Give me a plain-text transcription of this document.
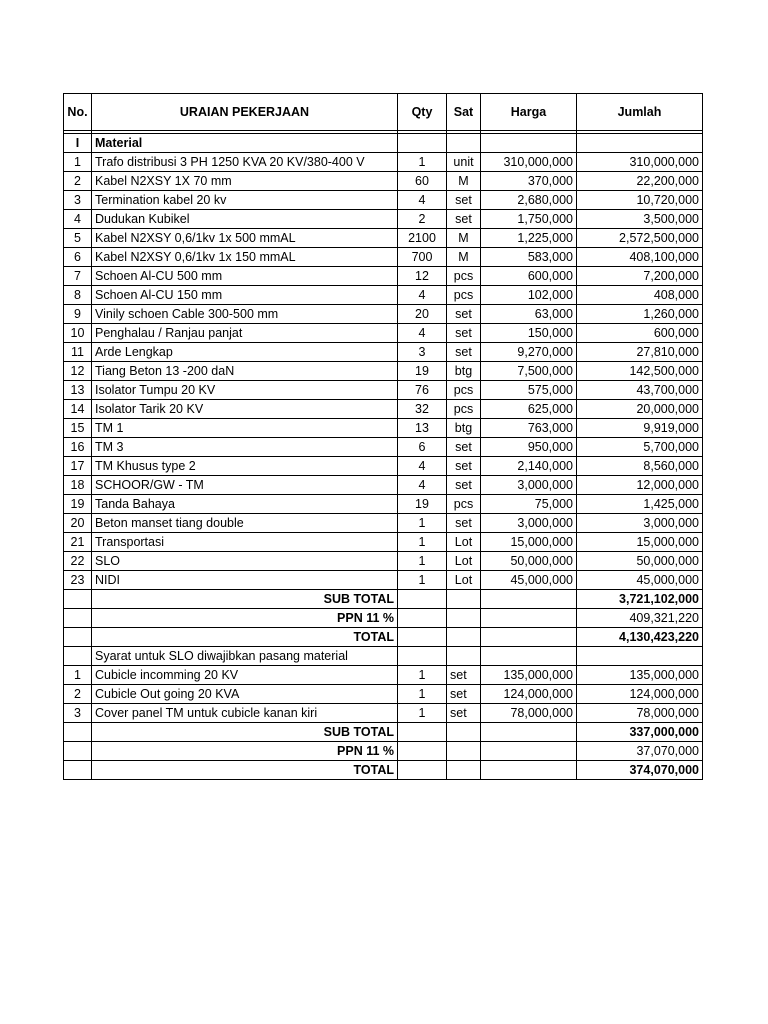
No.	URAIAN PEKERJAAN	Qty	Sat	Harga	Jumlah

I	Material				
1	Trafo distribusi 3 PH 1250 KVA 20 KV/380-400 V	1	unit	310,000,000	310,000,000
2	Kabel N2XSY 1X 70 mm	60	M	370,000	22,200,000
3	Termination kabel 20 kv	4	set	2,680,000	10,720,000
4	Dudukan Kubikel	2	set	1,750,000	3,500,000
5	Kabel N2XSY 0,6/1kv 1x 500 mmAL	2100	M	1,225,000	2,572,500,000
6	Kabel N2XSY 0,6/1kv 1x 150 mmAL	700	M	583,000	408,100,000
7	Schoen Al-CU 500 mm	12	pcs	600,000	7,200,000
8	Schoen Al-CU 150 mm	4	pcs	102,000	408,000
9	Vinily schoen Cable 300-500 mm	20	set	63,000	1,260,000
10	Penghalau / Ranjau panjat	4	set	150,000	600,000
11	Arde Lengkap	3	set	9,270,000	27,810,000
12	Tiang Beton 13 -200 daN	19	btg	7,500,000	142,500,000
13	Isolator Tumpu 20 KV	76	pcs	575,000	43,700,000
14	Isolator Tarik 20 KV	32	pcs	625,000	20,000,000
15	TM 1	13	btg	763,000	9,919,000
16	TM 3	6	set	950,000	5,700,000
17	TM Khusus type 2	4	set	2,140,000	8,560,000
18	SCHOOR/GW - TM	4	set	3,000,000	12,000,000
19	Tanda Bahaya	19	pcs	75,000	1,425,000
20	Beton manset tiang double	1	set	3,000,000	3,000,000
21	Transportasi	1	Lot	15,000,000	15,000,000
22	SLO	1	Lot	50,000,000	50,000,000
23	NIDI	1	Lot	45,000,000	45,000,000
	SUB TOTAL				3,721,102,000
	PPN 11 %				409,321,220
	TOTAL				4,130,423,220
	Syarat untuk SLO diwajibkan pasang material				
1	Cubicle incomming 20 KV	1	set	135,000,000	135,000,000
2	Cubicle Out going 20 KVA	1	set	124,000,000	124,000,000
3	Cover panel TM untuk cubicle kanan kiri	1	set	78,000,000	78,000,000
	SUB TOTAL				337,000,000
	PPN 11 %				37,070,000
	TOTAL				374,070,000
